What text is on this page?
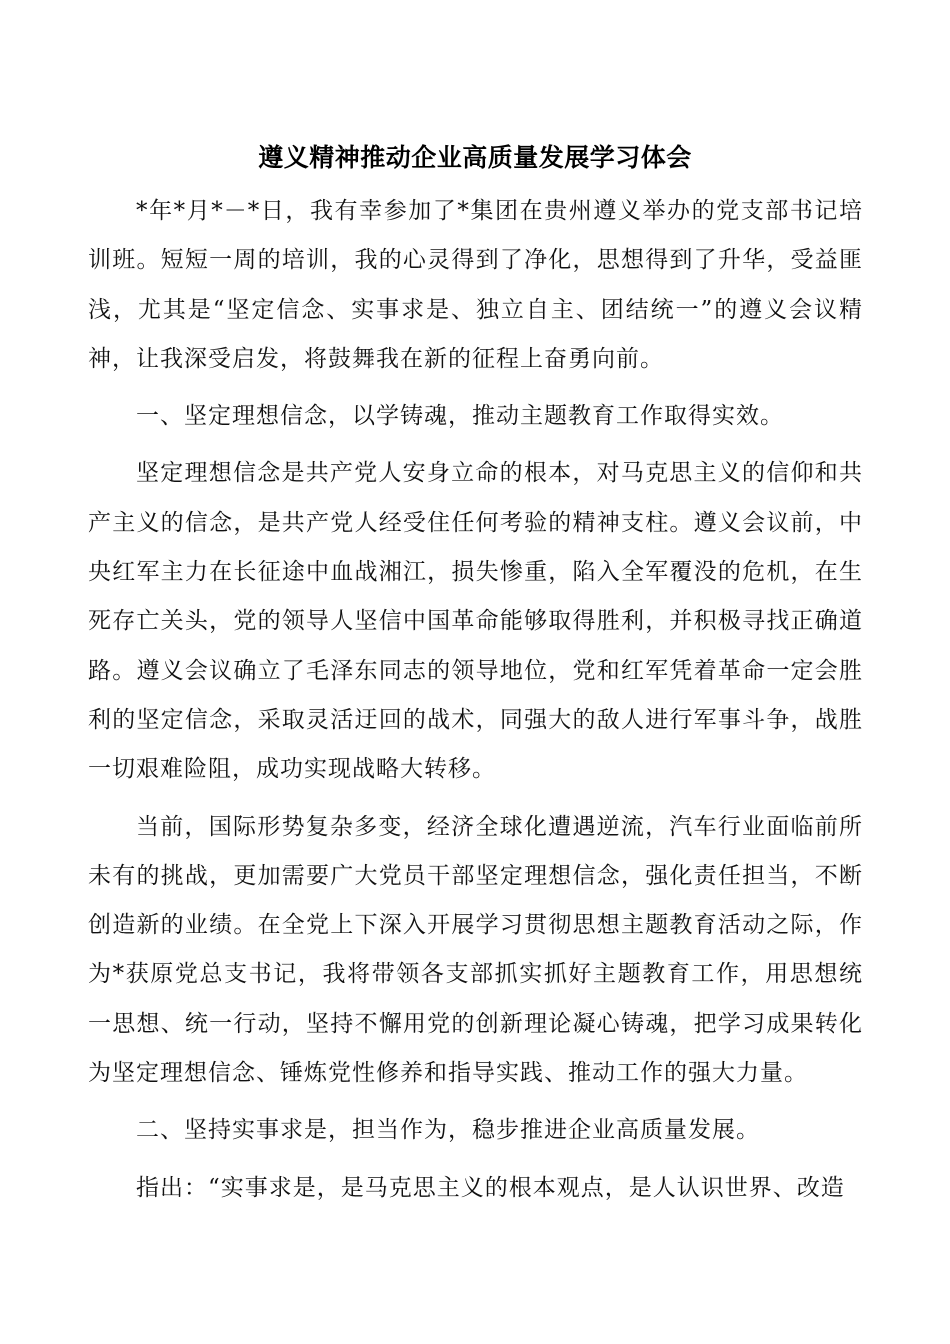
遵义精神推动企业高质量发展学习体会

*年*月*－*日，我有幸参加了*集团在贵州遵义举办的党支部书记培训班。短短一周的培训，我的心灵得到了净化，思想得到了升华，受益匪浅，尤其是“坚定信念、实事求是、独立自主、团结统一”的遵义会议精神，让我深受启发，将鼓舞我在新的征程上奋勇向前。

一、坚定理想信念，以学铸魂，推动主题教育工作取得实效。

坚定理想信念是共产党人安身立命的根本，对马克思主义的信仰和共产主义的信念，是共产党人经受住任何考验的精神支柱。遵义会议前，中央红军主力在长征途中血战湘江，损失惨重，陷入全军覆没的危机，在生死存亡关头，党的领导人坚信中国革命能够取得胜利，并积极寻找正确道路。遵义会议确立了毛泽东同志的领导地位，党和红军凭着革命一定会胜利的坚定信念，采取灵活迂回的战术，同强大的敌人进行军事斗争，战胜一切艰难险阻，成功实现战略大转移。

当前，国际形势复杂多变，经济全球化遭遇逆流，汽车行业面临前所未有的挑战，更加需要广大党员干部坚定理想信念，强化责任担当，不断创造新的业绩。在全党上下深入开展学习贯彻思想主题教育活动之际，作为*获原党总支书记，我将带领各支部抓实抓好主题教育工作，用思想统一思想、统一行动，坚持不懈用党的创新理论凝心铸魂，把学习成果转化为坚定理想信念、锤炼党性修养和指导实践、推动工作的强大力量。

二、坚持实事求是，担当作为，稳步推进企业高质量发展。

指出：“实事求是，是马克思主义的根本观点，是人认识世界、改造
